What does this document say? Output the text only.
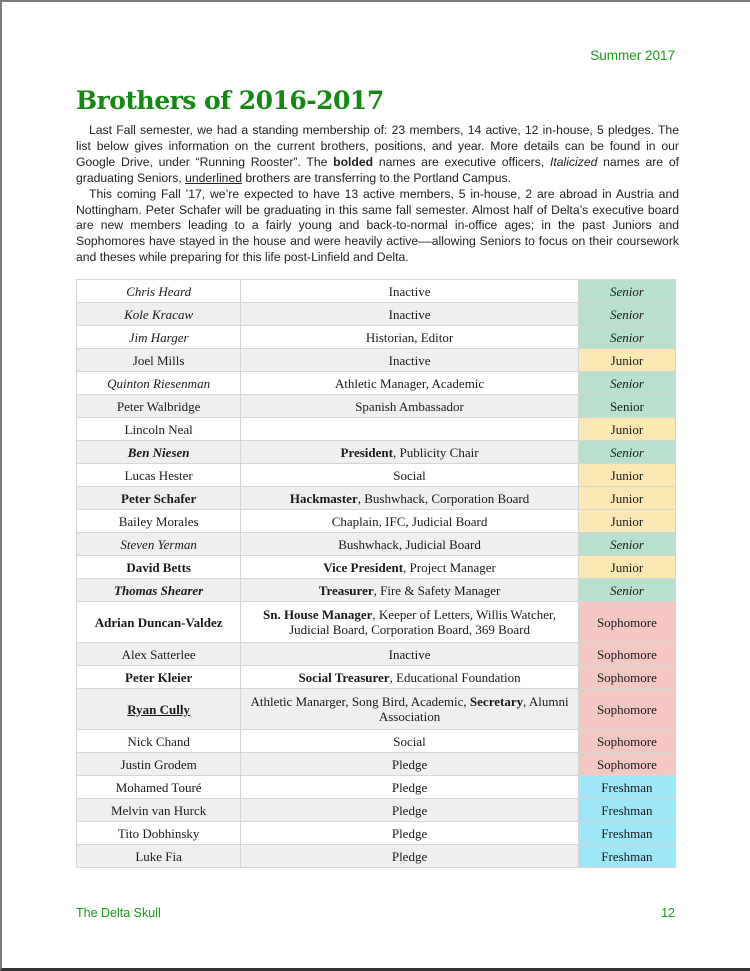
Summer 2017
Brothers of 2016-2017

Last Fall semester, we had a standing membership of: 23 members, 14 active, 12 in-house, 5 pledges. The list below gives information on the current brothers, positions, and year. More details can be found in our Google Drive, under “Running Rooster”. The bolded names are executive officers, Italicized names are of graduating Seniors, underlined brothers are transferring to the Portland Campus.

This coming Fall ’17, we’re expected to have 13 active members, 5 in-house, 2 are abroad in Austria and Nottingham. Peter Schafer will be graduating in this same fall semester. Almost half of Delta’s executive board are new members leading to a fairly young and back-to-normal in-office ages; in the past Juniors and Sophomores have stayed in the house and were heavily active––allowing Seniors to focus on their coursework and theses while preparing for this life post-Linfield and Delta.

Chris Heard	Inactive	Senior
Kole Kracaw	Inactive	Senior
Jim Harger	Historian, Editor	Senior
Joel Mills	Inactive	Junior
Quinton Riesenman	Athletic Manager, Academic	Senior
Peter Walbridge	Spanish Ambassador	Senior
Lincoln Neal		Junior
Ben Niesen	President, Publicity Chair	Senior
Lucas Hester	Social	Junior
Peter Schafer	Hackmaster, Bushwhack, Corporation Board	Junior
Bailey Morales	Chaplain, IFC, Judicial Board	Junior
Steven Yerman	Bushwhack, Judicial Board	Senior
David Betts	Vice President, Project Manager	Junior
Thomas Shearer	Treasurer, Fire & Safety Manager	Senior
Adrian Duncan-Valdez	Sn. House Manager, Keeper of Letters, Willis Watcher, Judicial Board, Corporation Board, 369 Board	Sophomore
Alex Satterlee	Inactive	Sophomore
Peter Kleier	Social Treasurer, Educational Foundation	Sophomore
Ryan Cully	Athletic Manarger, Song Bird, Academic, Secretary, Alumni Association	Sophomore
Nick Chand	Social	Sophomore
Justin Grodem	Pledge	Sophomore
Mohamed Touré	Pledge	Freshman
Melvin van Hurck	Pledge	Freshman
Tito Dobhinsky	Pledge	Freshman
Luke Fia	Pledge	Freshman
The Delta Skull	12
